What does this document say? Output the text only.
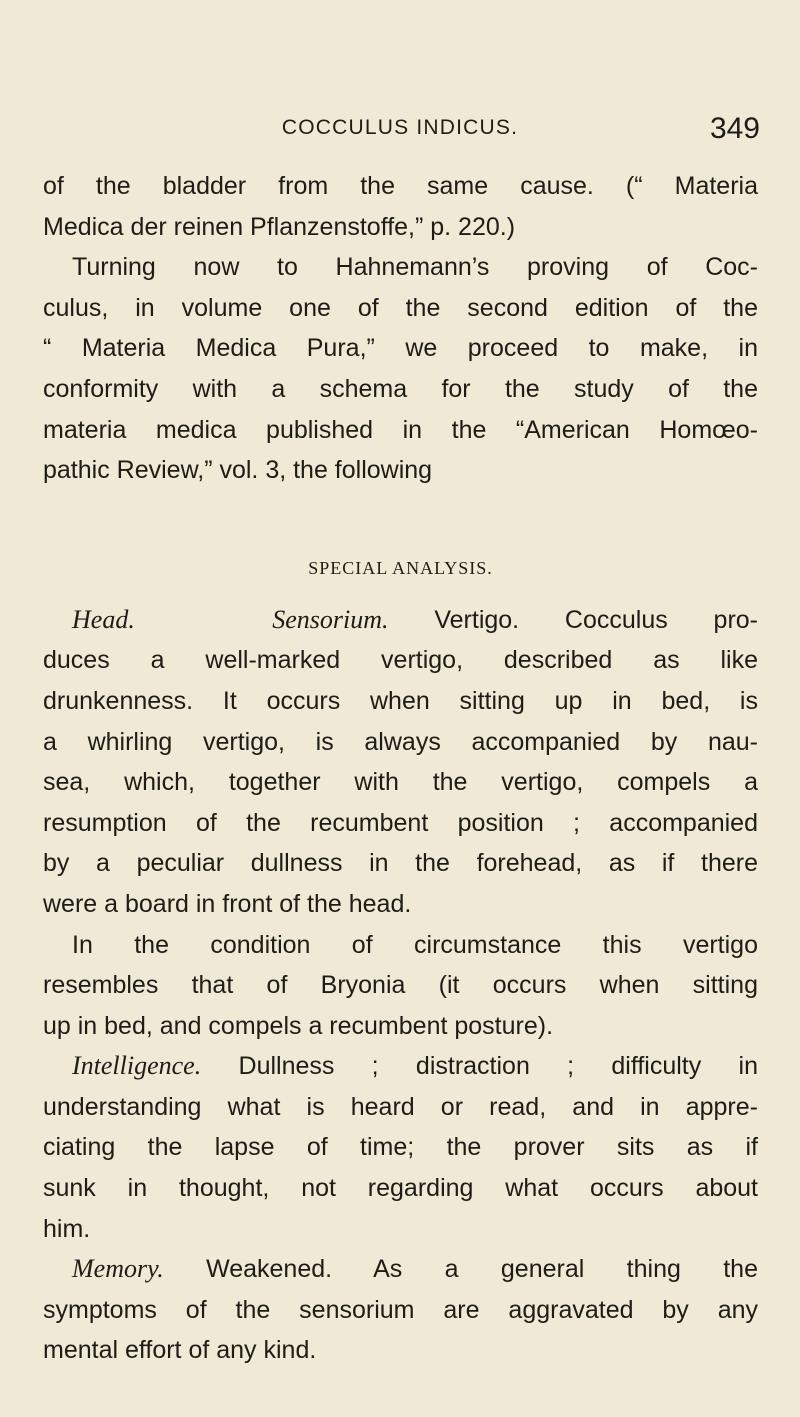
COCCULUS INDICUS.	349
of the bladder from the same cause. (“ Materia
Medica der reinen Pflanzenstoffe,” p. 220.)
Turning now to Hahnemann’s proving of Coc-
culus, in volume one of the second edition of the
“ Materia Medica Pura,” we proceed to make, in
conformity with a schema for the study of the
materia medica published in the “American Homœo-
pathic Review,” vol. 3, the following
SPECIAL ANALYSIS.
Head.	Sensorium. Vertigo. Cocculus pro-
duces a well-marked vertigo, described as like
drunkenness. It occurs when sitting up in bed, is
a whirling vertigo, is always accompanied by nau-
sea, which, together with the vertigo, compels a
resumption of the recumbent position ; accompanied
by a peculiar dullness in the forehead, as if there
were a board in front of the head.
In the condition of circumstance this vertigo
resembles that of Bryonia (it occurs when sitting
up in bed, and compels a recumbent posture).
Intelligence. Dullness ; distraction ; difficulty in
understanding what is heard or read, and in appre-
ciating the lapse of time; the prover sits as if
sunk in thought, not regarding what occurs about
him.
Memory. Weakened. As a general thing the
symptoms of the sensorium are aggravated by any
mental effort of any kind.
